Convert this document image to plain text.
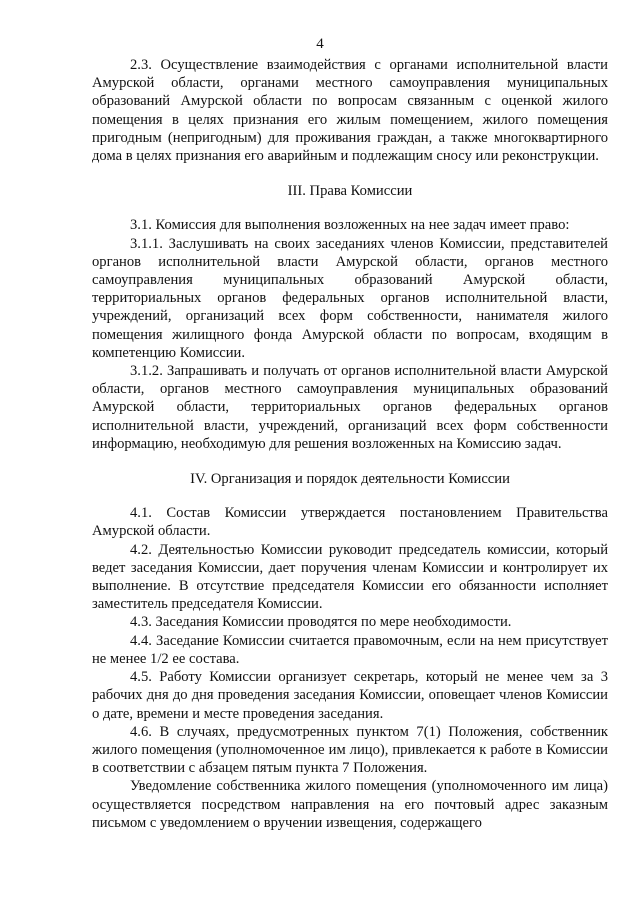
4

2.3. Осуществление взаимодействия с органами исполнительной власти Амурской области, органами местного самоуправления муниципальных образований Амурской области по вопросам связанным с оценкой жилого помещения в целях признания его жилым помещением, жилого помещения пригодным (непригодным) для проживания граждан, а также многоквартирного дома в целях признания его аварийным и подлежащим сносу или реконструкции.

III. Права Комиссии

3.1. Комиссия для выполнения возложенных на нее задач имеет право:

3.1.1. Заслушивать на своих заседаниях членов Комиссии, представителей органов исполнительной власти Амурской области, органов местного самоуправления муниципальных образований Амурской области, территориальных органов федеральных органов исполнительной власти, учреждений, организаций всех форм собственности, нанимателя жилого помещения жилищного фонда Амурской области по вопросам, входящим в компетенцию Комиссии.

3.1.2. Запрашивать и получать от органов исполнительной власти Амурской области, органов местного самоуправления муниципальных образований Амурской области, территориальных органов федеральных органов исполнительной власти, учреждений, организаций всех форм собственности информацию, необходимую для решения возложенных на Комиссию задач.

IV. Организация и порядок деятельности Комиссии

4.1. Состав Комиссии утверждается постановлением Правительства Амурской области.

4.2. Деятельностью Комиссии руководит председатель комиссии, который ведет заседания Комиссии, дает поручения членам Комиссии и контролирует их выполнение. В отсутствие председателя Комиссии его обязанности исполняет заместитель председателя Комиссии.

4.3. Заседания Комиссии проводятся по мере необходимости.

4.4. Заседание Комиссии считается правомочным, если на нем присутствует не менее 1/2 ее состава.

4.5. Работу Комиссии организует секретарь, который не менее чем за 3 рабочих дня до дня проведения заседания Комиссии, оповещает членов Комиссии о дате, времени и месте проведения заседания.

4.6. В случаях, предусмотренных пунктом 7(1) Положения, собственник жилого помещения (уполномоченное им лицо), привлекается к работе в Комиссии в соответствии с абзацем пятым пункта 7 Положения.

Уведомление собственника жилого помещения (уполномоченного им лица) осуществляется посредством направления на его почтовый адрес заказным письмом с уведомлением о вручении извещения, содержащего
